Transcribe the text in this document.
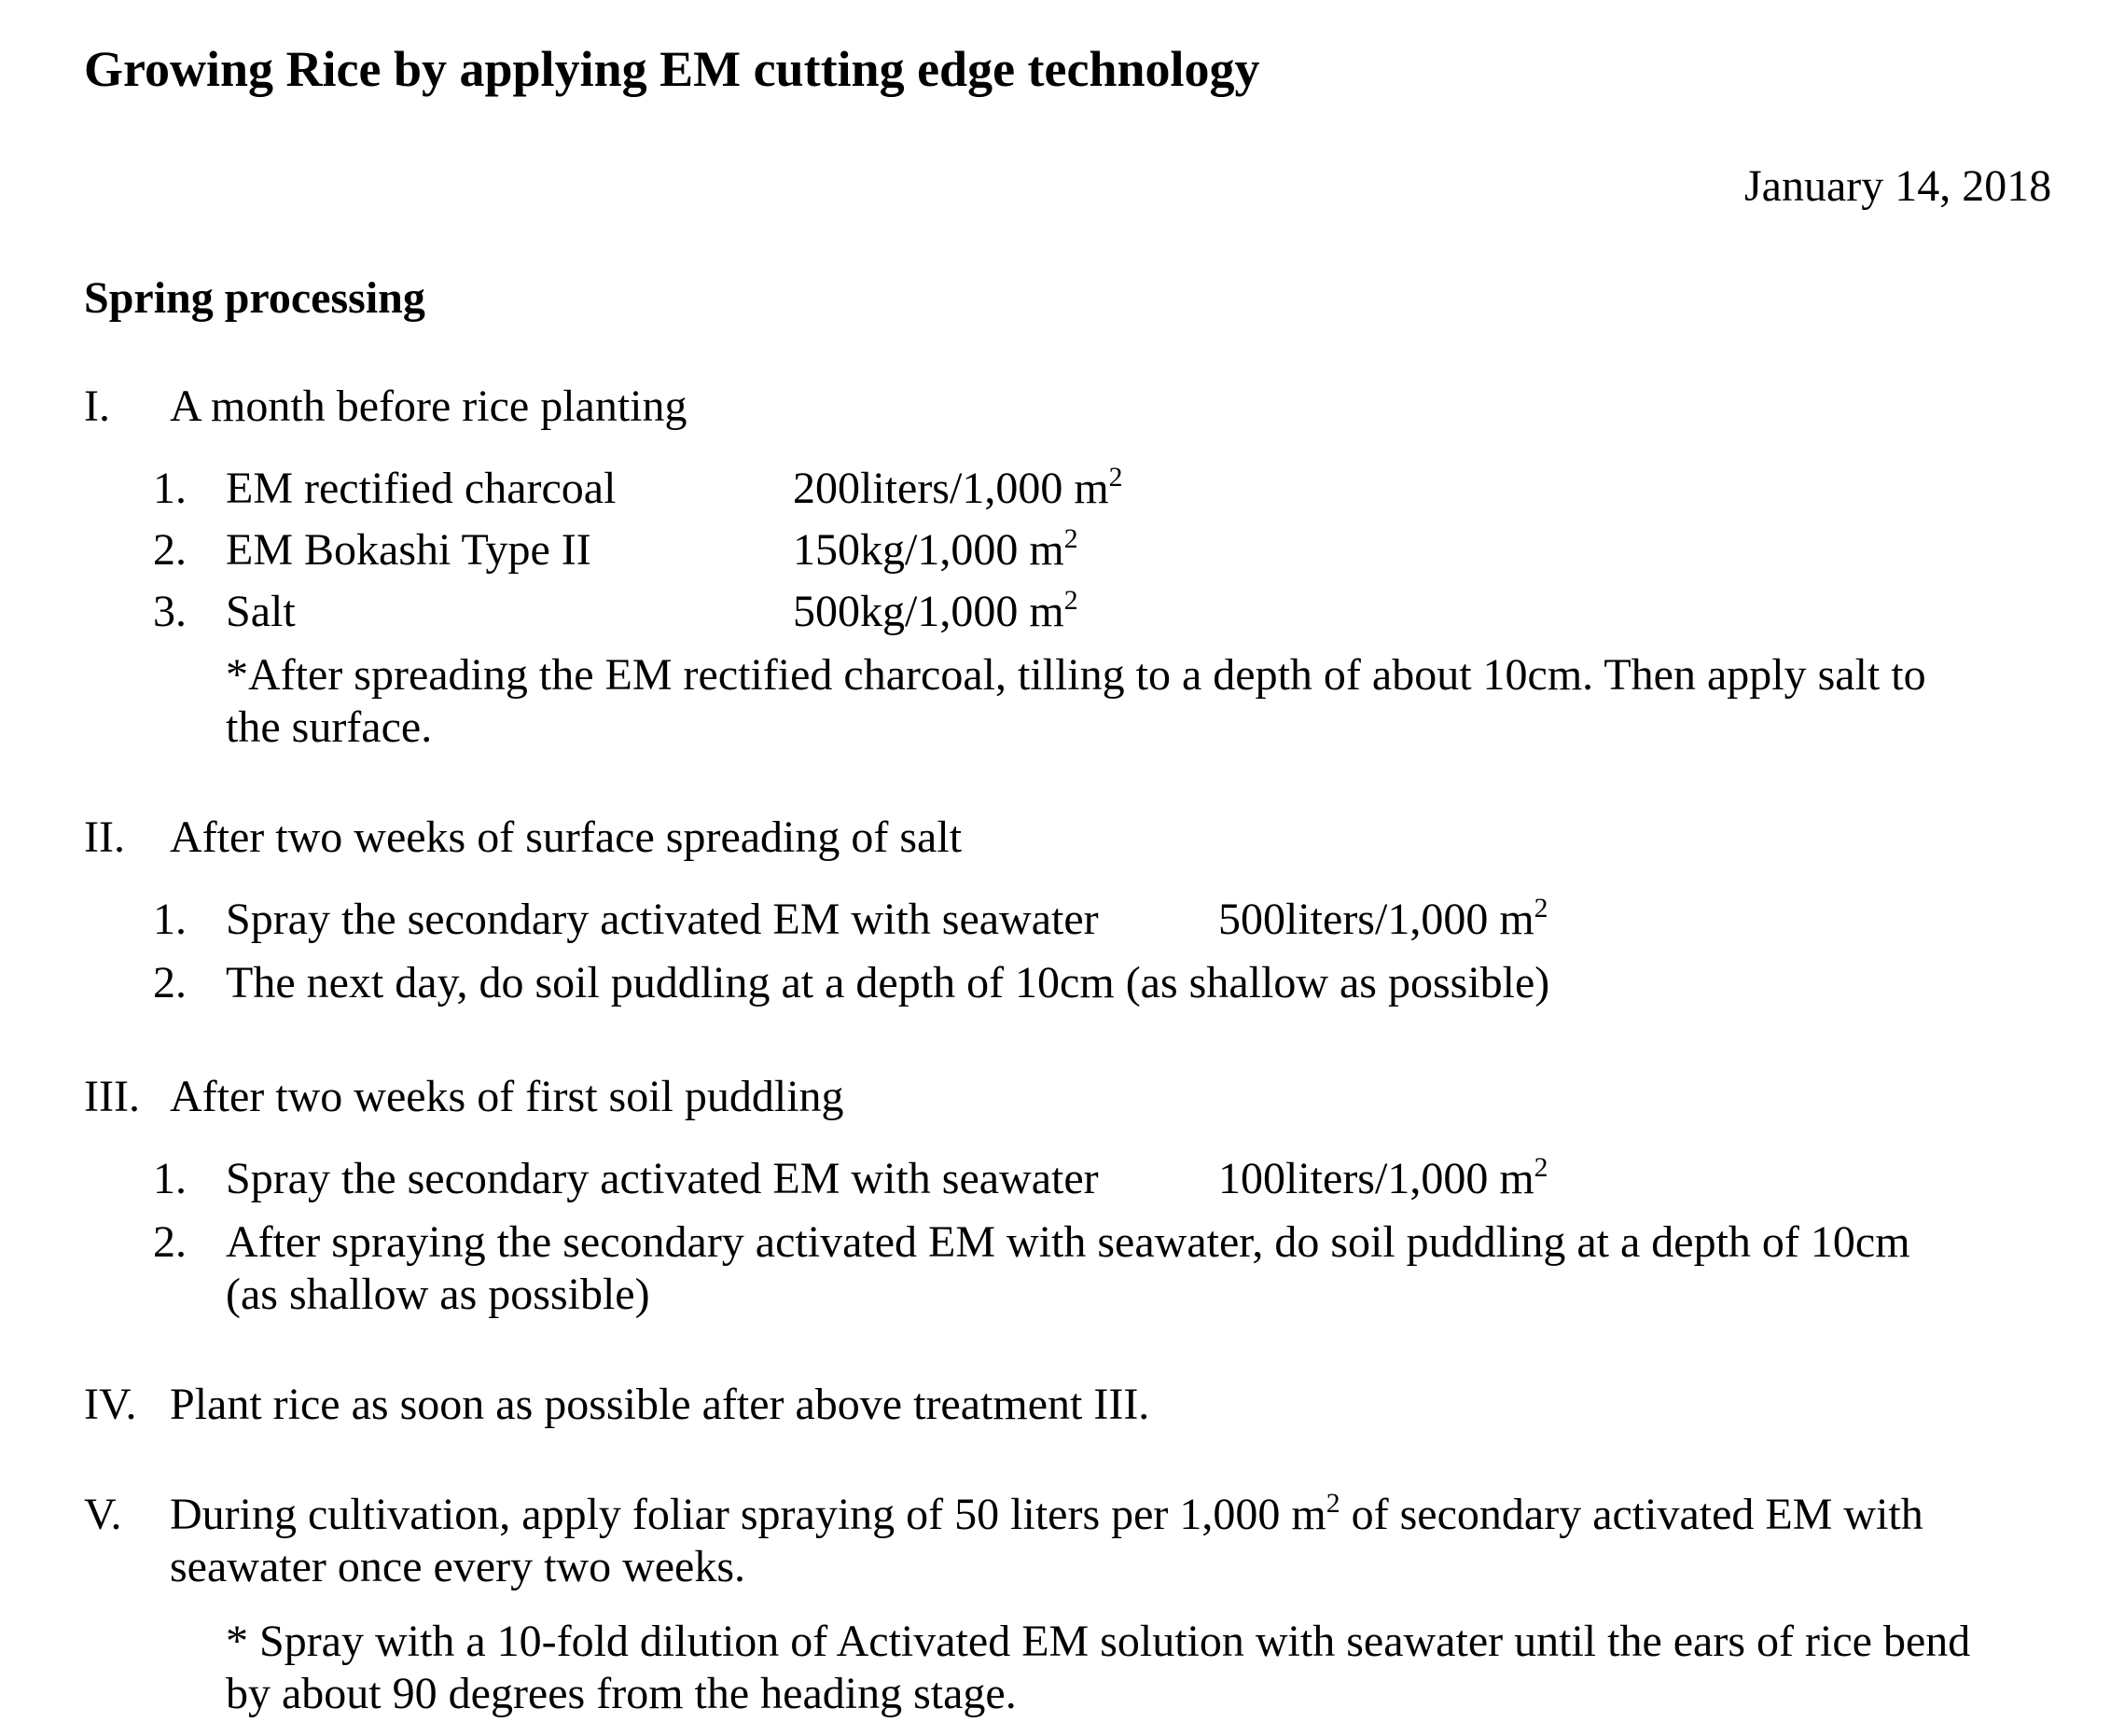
Growing Rice by applying EM cutting edge technology
January 14, 2018
Spring processing
I. A month before rice planting
1. EM rectified charcoal	200liters/1,000 $m^2$
2. EM Bokashi Type II	150kg/1,000 $m^2$
3. Salt	500kg/1,000 $m^2$
*After spreading the EM rectified charcoal, tilling to a depth of about 10cm. Then apply salt to
the surface.
II. After two weeks of surface spreading of salt
1. Spray the secondary activated EM with seawater	500liters/1,000 $m^2$
2. The next day, do soil puddling at a depth of 10cm (as shallow as possible)
III. After two weeks of first soil puddling
1. Spray the secondary activated EM with seawater	100liters/1,000 $m^2$
2. After spraying the secondary activated EM with seawater, do soil puddling at a depth of 10cm
(as shallow as possible)
IV. Plant rice as soon as possible after above treatment III.
V. During cultivation, apply foliar spraying of 50 liters per 1,000 $m^2$ of secondary activated EM with
seawater once every two weeks.
* Spray with a 10-fold dilution of Activated EM solution with seawater until the ears of rice bend
by about 90 degrees from the heading stage.
